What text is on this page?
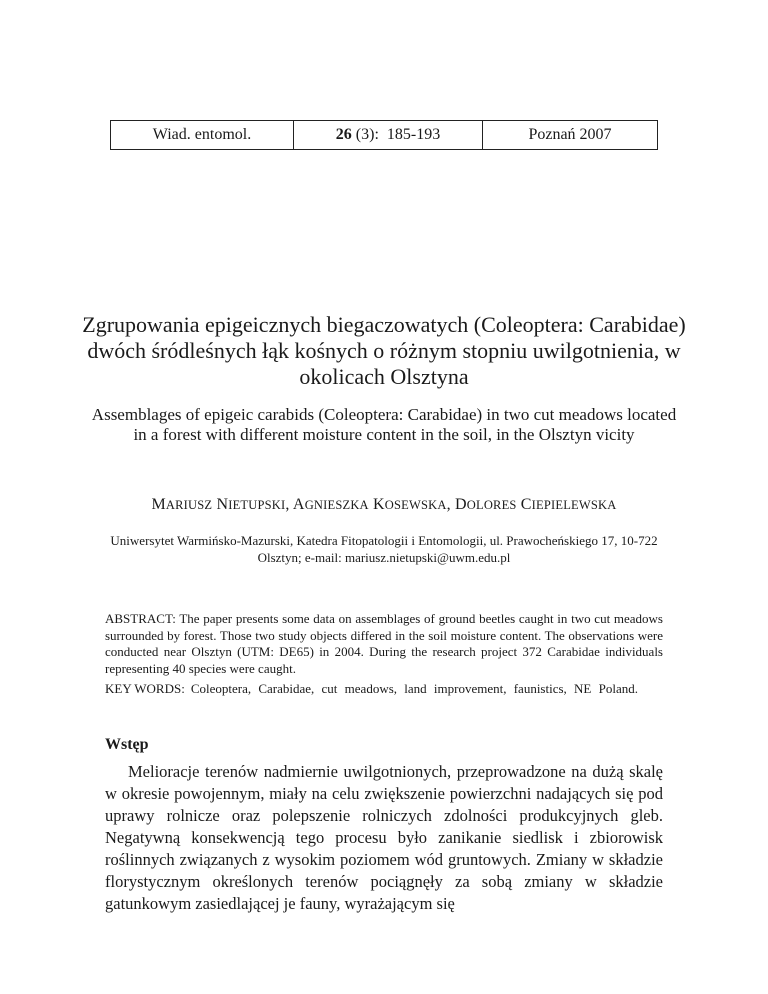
Wiad. entomol.	26 (3):  185-193	Poznań 2007
Zgrupowania epigeicznych biegaczowatych (Coleoptera: Carabidae) dwóch śródleśnych łąk kośnych o różnym stopniu uwilgotnienia, w okolicach Olsztyna
Assemblages of epigeic carabids (Coleoptera: Carabidae) in two cut meadows located in a forest with different moisture content in the soil, in the Olsztyn vicity
MARIUSZ NIETUPSKI, AGNIESZKA KOSEWSKA, DOLORES CIEPIELEWSKA
Uniwersytet Warmińsko-Mazurski, Katedra Fitopatologii i Entomologii, ul. Prawocheńskiego 17, 10-722 Olsztyn; e-mail: mariusz.nietupski@uwm.edu.pl
ABSTRACT: The paper presents some data on assemblages of ground beetles caught in two cut meadows surrounded by forest. Those two study objects differed in the soil moisture content. The observations were conducted near Olsztyn (UTM: DE65) in 2004. During the research project 372 Carabidae individuals representing 40 species were caught.
KEY WORDS: Coleoptera, Carabidae, cut meadows, land improvement, faunistics, NE Poland.
Wstęp
Melioracje terenów nadmiernie uwilgotnionych, przeprowadzone na dużą skalę w okresie powojennym, miały na celu zwiększenie powierzchni nadających się pod uprawy rolnicze oraz polepszenie rolniczych zdolności produkcyjnych gleb. Negatywną konsekwencją tego procesu było zanikanie siedlisk i zbiorowisk roślinnych związanych z wysokim poziomem wód gruntowych. Zmiany w składzie florystycznym określonych terenów pociągnęły za sobą zmiany w składzie gatunkowym zasiedlającej je fauny, wyrażającym się
